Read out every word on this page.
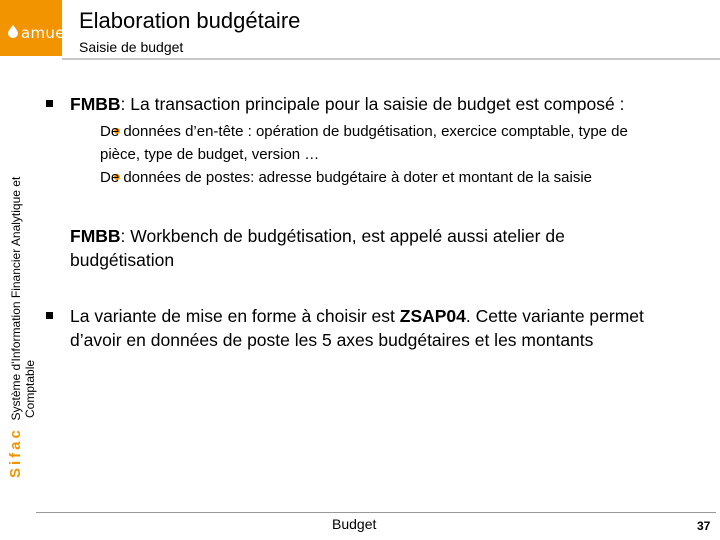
amue Elaboration budgétaire
Saisie de budget
Sifac  Système d'Information Financier Analytique et Comptable
FMBB: La transaction principale pour la saisie de budget est composé :
De données d’en-tête : opération de budgétisation, exercice comptable, type de pièce, type de budget, version …
De données de postes: adresse budgétaire à doter et montant de la saisie
FMBB: Workbench de budgétisation, est appelé aussi atelier de budgétisation
La variante de mise en forme à choisir est ZSAP04. Cette variante permet d’avoir en données de poste les 5 axes budgétaires et les montants
Budget	37
